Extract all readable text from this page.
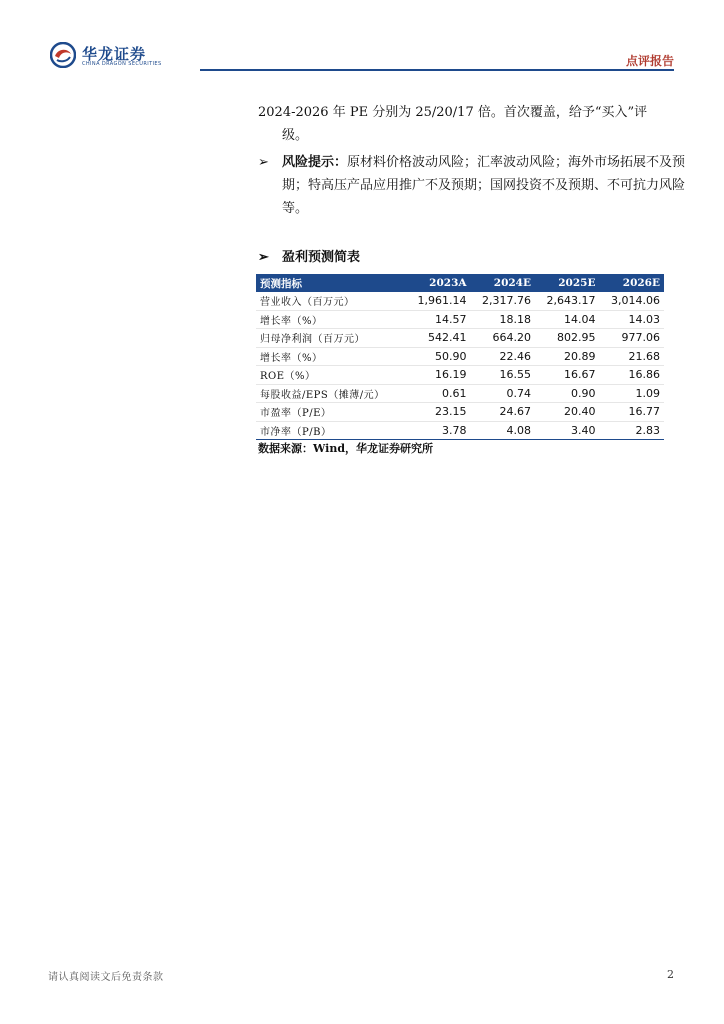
华龙证券
CHINA DRAGON SECURITIES	点评报告
2024-2026 年 PE 分别为 25/20/17 倍。首次覆盖，给予“买入”评
级。
➢ 风险提示：原材料价格波动风险；汇率波动风险；海外市场拓展不及预期；特高压产品应用推广不及预期；国网投资不及预期、不可抗力风险等。
➢ 盈利预测简表
预测指标	2023A	2024E	2025E	2026E
营业收入（百万元）	1,961.14	2,317.76	2,643.17	3,014.06
增长率（%）	14.57	18.18	14.04	14.03
归母净利润（百万元）	542.41	664.20	802.95	977.06
增长率（%）	50.90	22.46	20.89	21.68
ROE（%）	16.19	16.55	16.67	16.86
每股收益/EPS（摊薄/元）	0.61	0.74	0.90	1.09
市盈率（P/E）	23.15	24.67	20.40	16.77
市净率（P/B）	3.78	4.08	3.40	2.83
数据来源：Wind，华龙证券研究所
请认真阅读文后免责条款	2
